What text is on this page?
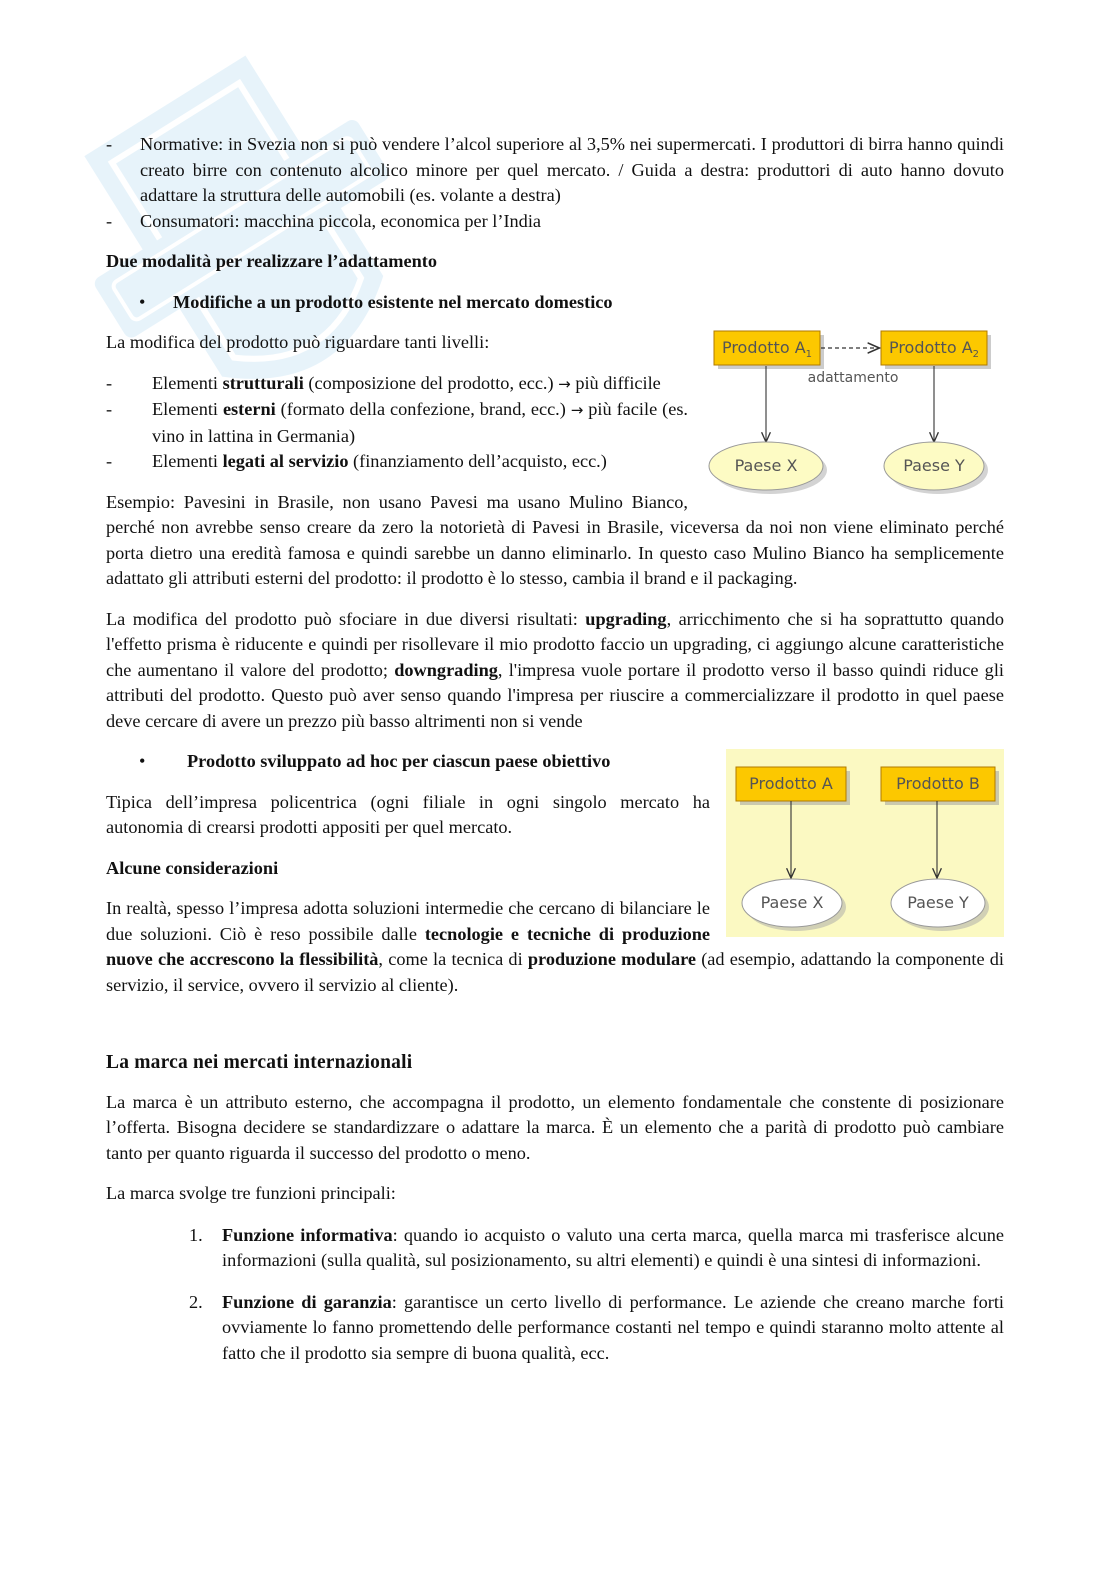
- Normative: in Svezia non si può vendere l’alcol superiore al 3,5% nei supermercati. I produttori di birra hanno quindi creato birre con contenuto alcolico minore per quel mercato. / Guida a destra: produttori di auto hanno dovuto adattare la struttura delle automobili (es. volante a destra)
- Consumatori: macchina piccola, economica per l’India

Due modalità per realizzare l’adattamento

• Modifiche a un prodotto esistente nel mercato domestico

Prodotto $A_1$	Prodotto $A_2$
adattamento
Paese X	Paese Y

La modifica del prodotto può riguardare tanti livelli:

- Elementi strutturali (composizione del prodotto, ecc.) → più difficile
- Elementi esterni (formato della confezione, brand, ecc.) → più facile (es. vino in lattina in Germania)
- Elementi legati al servizio (finanziamento dell’acquisto, ecc.)

Esempio: Pavesini in Brasile, non usano Pavesi ma usano Mulino Bianco, perché non avrebbe senso creare da zero la notorietà di Pavesi in Brasile, viceversa da noi non viene eliminato perché porta dietro una eredità famosa e quindi sarebbe un danno eliminarlo. In questo caso Mulino Bianco ha semplicemente adattato gli attributi esterni del prodotto: il prodotto è lo stesso, cambia il brand e il packaging.

La modifica del prodotto può sfociare in due diversi risultati: upgrading, arricchimento che si ha soprattutto quando l'effetto prisma è riducente e quindi per risollevare il mio prodotto faccio un upgrading, ci aggiungo alcune caratteristiche che aumentano il valore del prodotto; downgrading, l'impresa vuole portare il prodotto verso il basso quindi riduce gli attributi del prodotto. Questo può aver senso quando l'impresa per riuscire a commercializzare il prodotto in quel paese deve cercare di avere un prezzo più basso altrimenti non si vende

Prodotto A	Prodotto B
Paese X	Paese Y

• Prodotto sviluppato ad hoc per ciascun paese obiettivo

Tipica dell’impresa policentrica (ogni filiale in ogni singolo mercato ha autonomia di crearsi prodotti appositi per quel mercato.

Alcune considerazioni

In realtà, spesso l’impresa adotta soluzioni intermedie che cercano di bilanciare le due soluzioni. Ciò è reso possibile dalle tecnologie e tecniche di produzione nuove che accrescono la flessibilità, come la tecnica di produzione modulare (ad esempio, adattando la componente di servizio, il service, ovvero il servizio al cliente).

La marca nei mercati internazionali

La marca è un attributo esterno, che accompagna il prodotto, un elemento fondamentale che constente di posizionare l’offerta. Bisogna decidere se standardizzare o adattare la marca. È un elemento che a parità di prodotto può cambiare tanto per quanto riguarda il successo del prodotto o meno.

La marca svolge tre funzioni principali:

1. Funzione informativa: quando io acquisto o valuto una certa marca, quella marca mi trasferisce alcune informazioni (sulla qualità, sul posizionamento, su altri elementi) e quindi è una sintesi di informazioni.
2. Funzione di garanzia: garantisce un certo livello di performance. Le aziende che creano marche forti ovviamente lo fanno promettendo delle performance costanti nel tempo e quindi staranno molto attente al fatto che il prodotto sia sempre di buona qualità, ecc.
